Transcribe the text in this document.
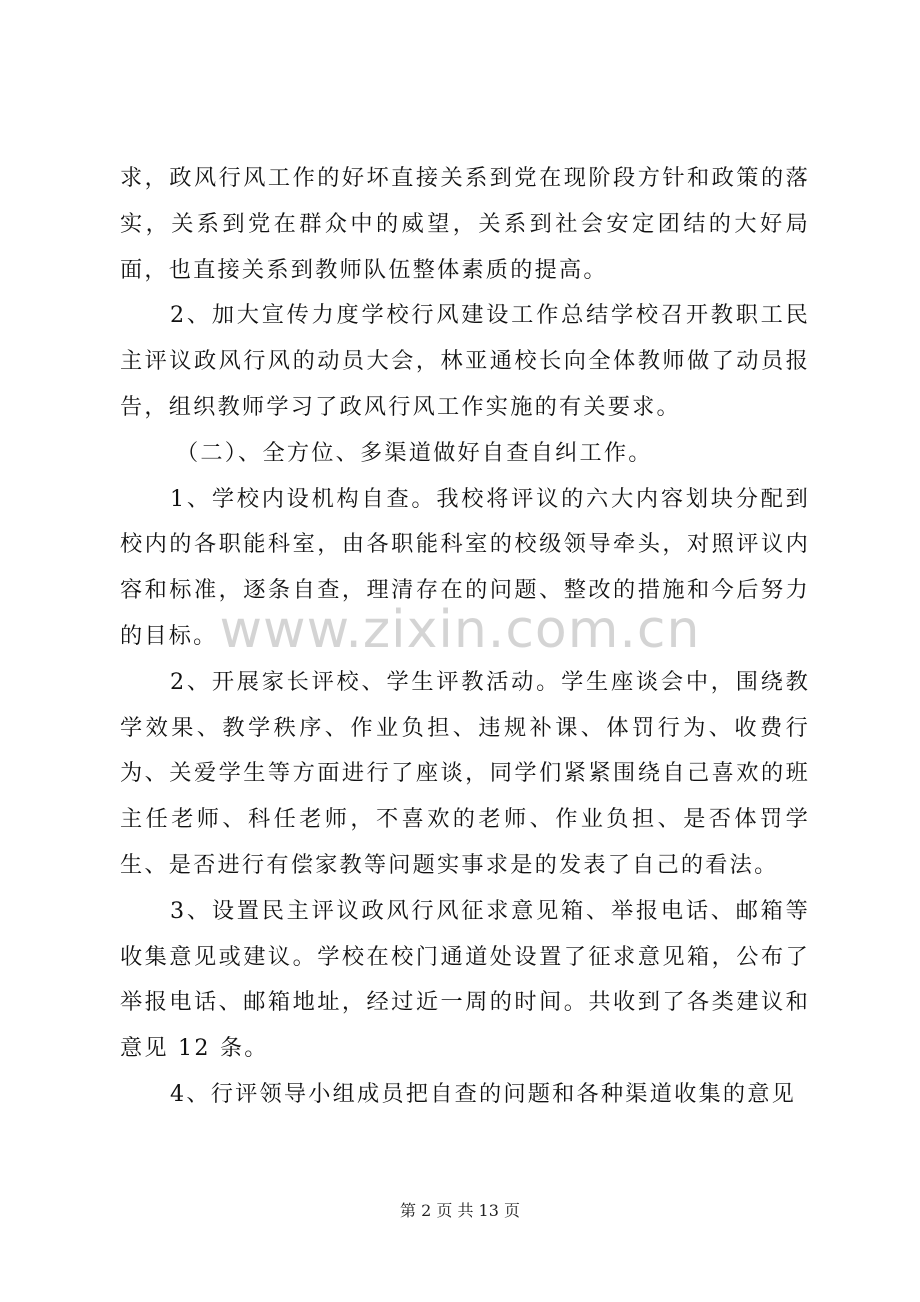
求，政风行风工作的好坏直接关系到党在现阶段方针和政策的落实，关系到党在群众中的威望，关系到社会安定团结的大好局面，也直接关系到教师队伍整体素质的提高。

2、加大宣传力度学校行风建设工作总结学校召开教职工民主评议政风行风的动员大会，林亚通校长向全体教师做了动员报告，组织教师学习了政风行风工作实施的有关要求。

（二）、全方位、多渠道做好自查自纠工作。

1、学校内设机构自查。我校将评议的六大内容划块分配到校内的各职能科室，由各职能科室的校级领导牵头，对照评议内容和标准，逐条自查，理清存在的问题、整改的措施和今后努力的目标。

2、开展家长评校、学生评教活动。学生座谈会中，围绕教学效果、教学秩序、作业负担、违规补课、体罚行为、收费行为、关爱学生等方面进行了座谈，同学们紧紧围绕自己喜欢的班主任老师、科任老师，不喜欢的老师、作业负担、是否体罚学生、是否进行有偿家教等问题实事求是的发表了自己的看法。

3、设置民主评议政风行风征求意见箱、举报电话、邮箱等收集意见或建议。学校在校门通道处设置了征求意见箱，公布了举报电话、邮箱地址，经过近一周的时间。共收到了各类建议和意见 12 条。

4、行评领导小组成员把自查的问题和各种渠道收集的意见

www.zixin.com.cn
第 2 页 共 13 页
